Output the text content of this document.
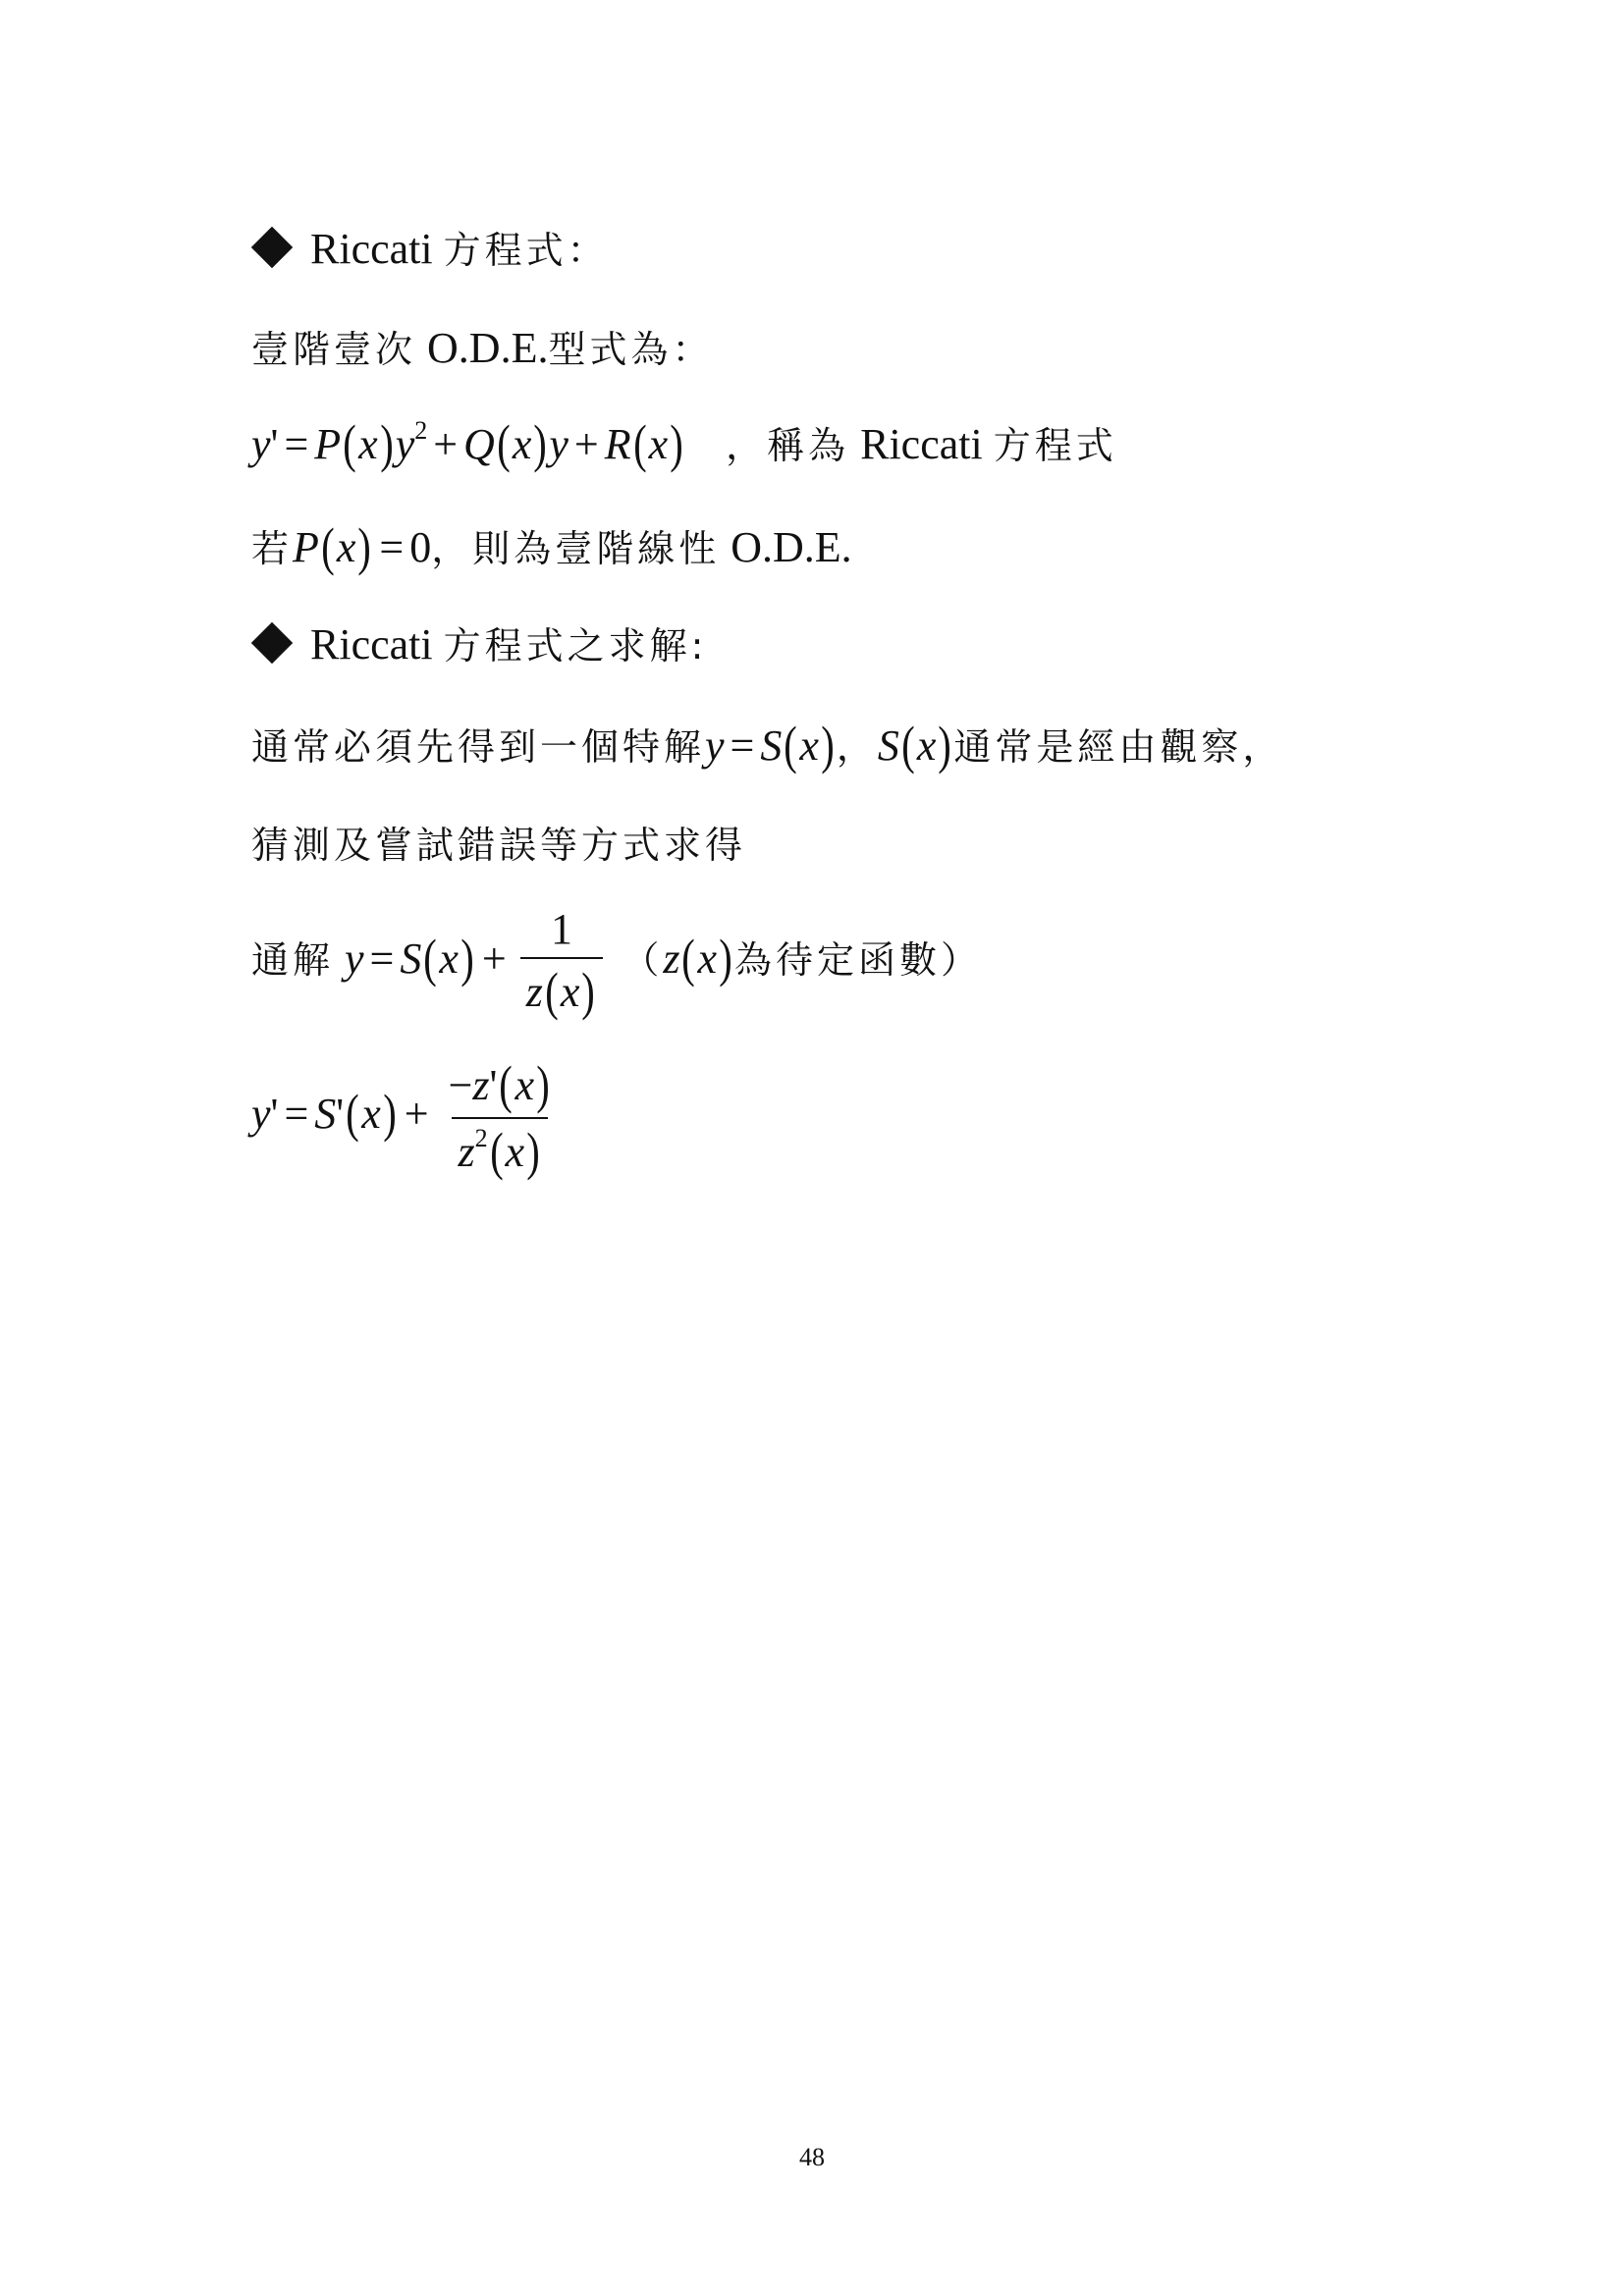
Riccati 方程式：
壹階壹次 O.D.E.型式為：
$y' = P(x)y^2 + Q(x)y + R(x)$ ，稱為 Riccati 方程式
若P(x) = 0，則為壹階線性 O.D.E.
Riccati 方程式之求解:
通常必須先得到一個特解y = S(x)，S(x)通常是經由觀察，
猜測及嘗試錯誤等方式求得
通解 $y = S(x) + \frac{1}{z(x)} (z(x)$為待定函數）
$y' = S'(x) + \frac{-z'(x)}{z^2(x)}$
48
